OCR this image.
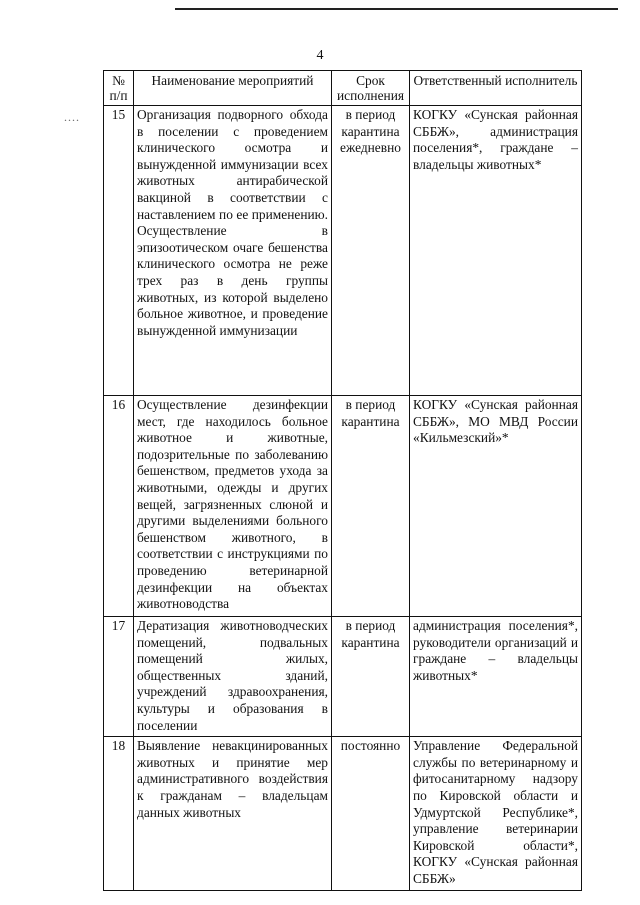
4
....
№ п/п	Наименование мероприятий	Срок исполнения	Ответственный исполнитель
15	Организация подворного обхода в поселении с проведением клинического осмотра и вынужденной иммунизации всех животных антирабической вакциной в соответствии с наставлением по ее применению. Осуществление в эпизоотическом очаге бешенства клинического осмотра не реже трех раз в день группы животных, из которой выделено больное животное, и проведение вынужденной иммунизации	в период карантина ежедневно	КОГКУ «Сунская районная СББЖ», администрация поселения*, граждане – владельцы животных*
16	Осуществление дезинфекции мест, где находилось больное животное и животные, подозрительные по заболеванию бешенством, предметов ухода за животными, одежды и других вещей, загрязненных слюной и другими выделениями больного бешенством животного, в соответствии с инструкциями по проведению ветеринарной дезинфекции на объектах животноводства	в период карантина	КОГКУ «Сунская районная СББЖ», МО МВД России «Кильмезский»*
17	Дератизация животноводческих помещений, подвальных помещений жилых, общественных зданий, учреждений здравоохранения, культуры и образования в поселении	в период карантина	администрация поселения*, руководители организаций и граждане – владельцы животных*
18	Выявление невакцинированных животных и принятие мер административного воздействия к гражданам – владельцам данных животных	постоянно	Управление Федеральной службы по ветеринарному и фитосанитарному надзору по Кировской области и Удмуртской Республике*, управление ветеринарии Кировской области*, КОГКУ «Сунская районная СББЖ»
